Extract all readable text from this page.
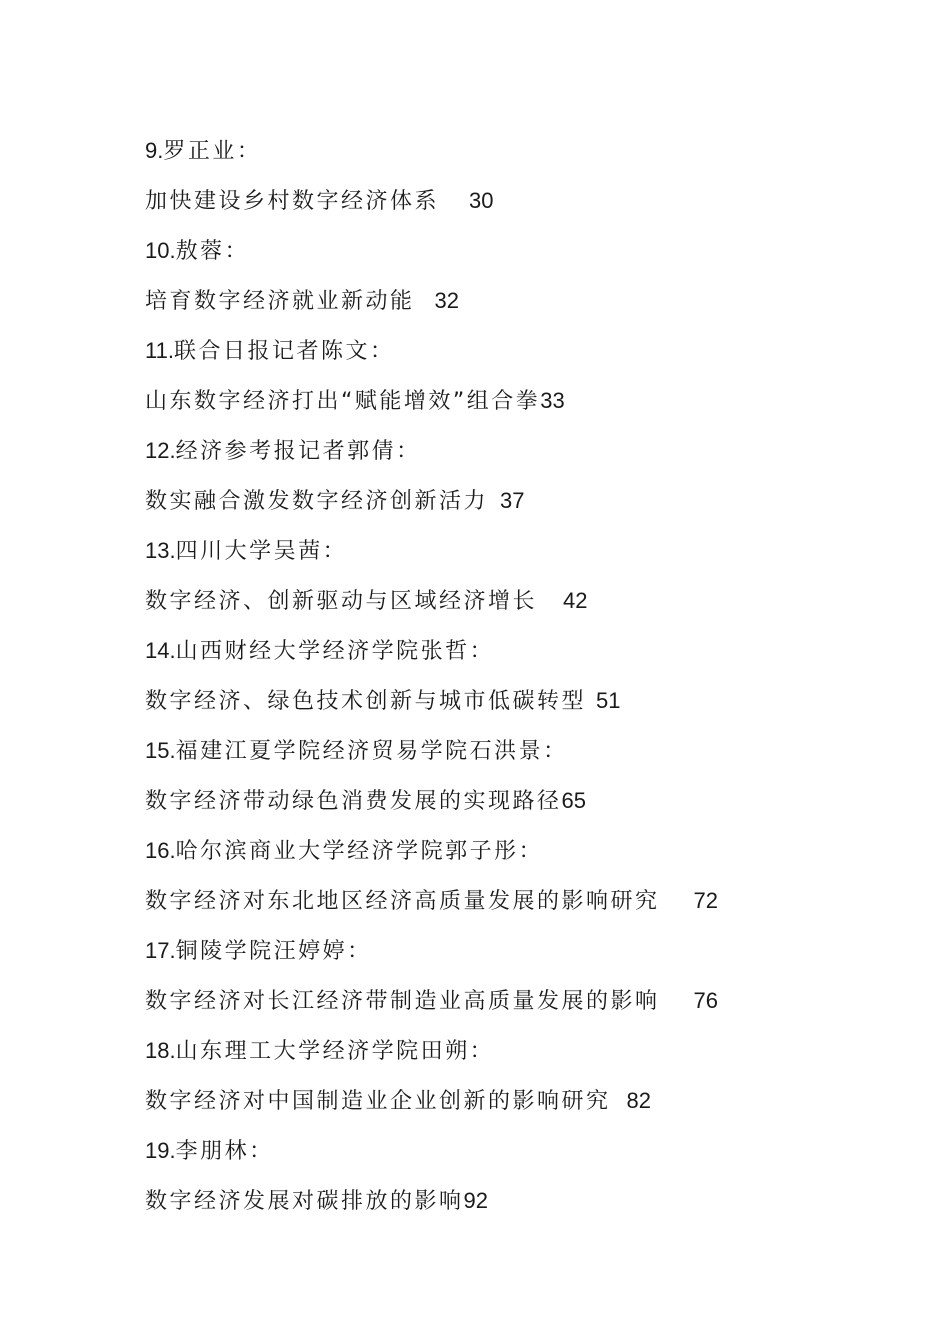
9.罗正业：
加快建设乡村数字经济体系 30
10.敖蓉：
培育数字经济就业新动能 32
11.联合日报记者陈文：
山东数字经济打出“赋能增效”组合拳33
12.经济参考报记者郭倩：
数实融合激发数字经济创新活力 37
13.四川大学吴茜：
数字经济、创新驱动与区域经济增长 42
14.山西财经大学经济学院张哲：
数字经济、绿色技术创新与城市低碳转型 51
15.福建江夏学院经济贸易学院石洪景：
数字经济带动绿色消费发展的实现路径65
16.哈尔滨商业大学经济学院郭子彤：
数字经济对东北地区经济高质量发展的影响研究 72
17.铜陵学院汪婷婷：
数字经济对长江经济带制造业高质量发展的影响 76
18.山东理工大学经济学院田朔：
数字经济对中国制造业企业创新的影响研究 82
19.李朋林：
数字经济发展对碳排放的影响92
